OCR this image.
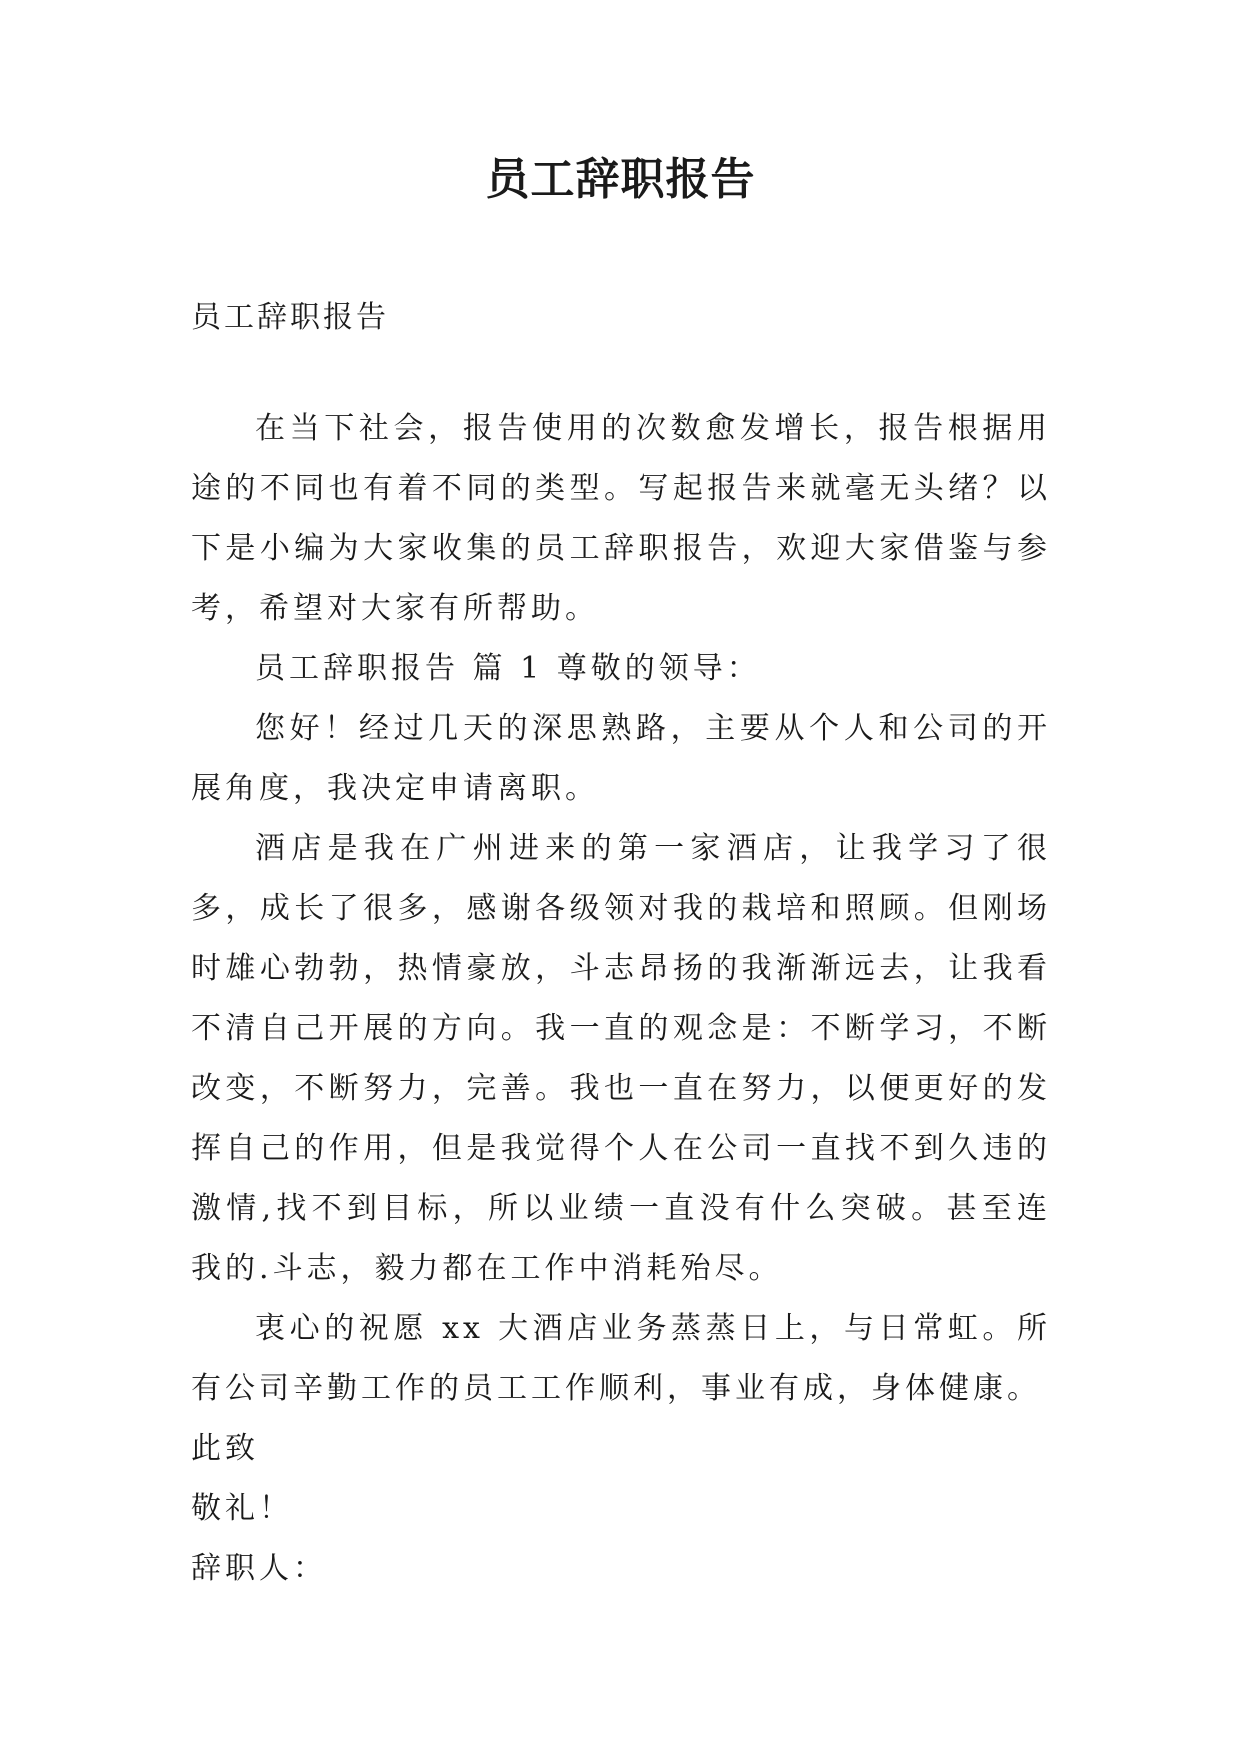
员工辞职报告

员工辞职报告

在当下社会，报告使用的次数愈发增长，报告根据用途的不同也有着不同的类型。写起报告来就毫无头绪？以下是小编为大家收集的员工辞职报告，欢迎大家借鉴与参考，希望对大家有所帮助。

员工辞职报告 篇 1 尊敬的领导：

您好！经过几天的深思熟路，主要从个人和公司的开展角度，我决定申请离职。

酒店是我在广州进来的第一家酒店，让我学习了很多，成长了很多，感谢各级领对我的栽培和照顾。但刚场时雄心勃勃，热情豪放，斗志昂扬的我渐渐远去，让我看不清自己开展的方向。我一直的观念是：不断学习，不断改变，不断努力，完善。我也一直在努力，以便更好的发挥自己的作用，但是我觉得个人在公司一直找不到久违的激情,找不到目标，所以业绩一直没有什么突破。甚至连我的.斗志，毅力都在工作中消耗殆尽。

衷心的祝愿 xx 大酒店业务蒸蒸日上，与日常虹。所有公司辛勤工作的员工工作顺利，事业有成，身体健康。

此致

敬礼！

辞职人：
